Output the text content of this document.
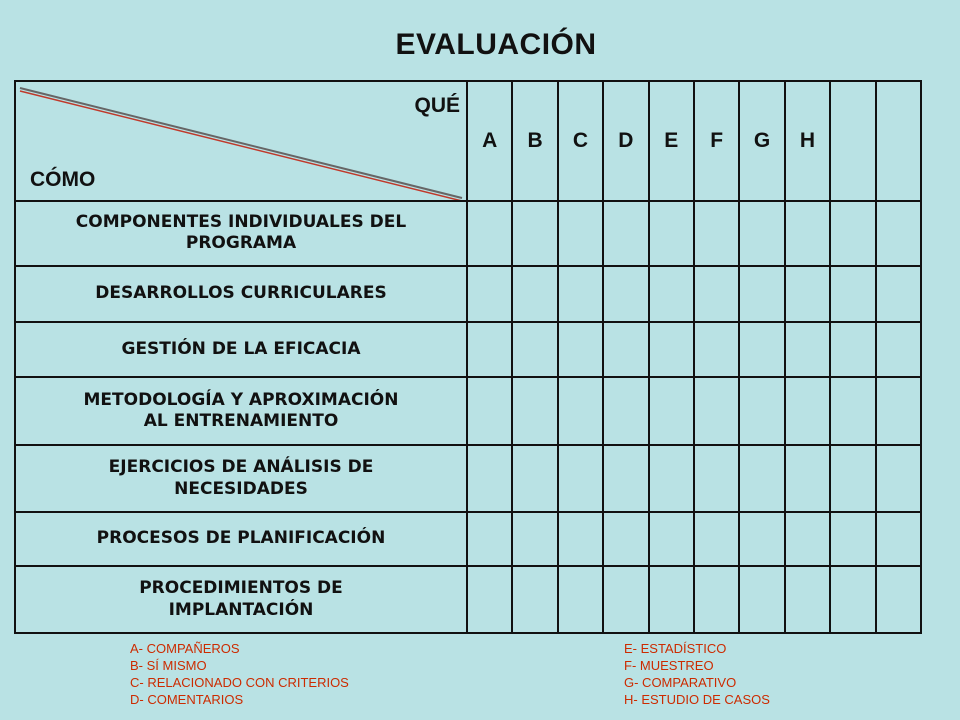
EVALUACIÓN
QUÉ
CÓMO	A	B	C	D	E	F	G	H		

COMPONENTES INDIVIDUALES DEL
PROGRAMA										

DESARROLLOS CURRICULARES										

GESTIÓN DE LA EFICACIA										

METODOLOGÍA Y APROXIMACIÓN
AL ENTRENAMIENTO										

EJERCICIOS DE ANÁLISIS DE
NECESIDADES										

PROCESOS DE PLANIFICACIÓN										

PROCEDIMIENTOS DE
IMPLANTACIÓN										

A- COMPAÑEROS
B- SÍ MISMO
C- RELACIONADO CON CRITERIOS
D- COMENTARIOS
E- ESTADÍSTICO
F- MUESTREO
G- COMPARATIVO
H- ESTUDIO DE CASOS
